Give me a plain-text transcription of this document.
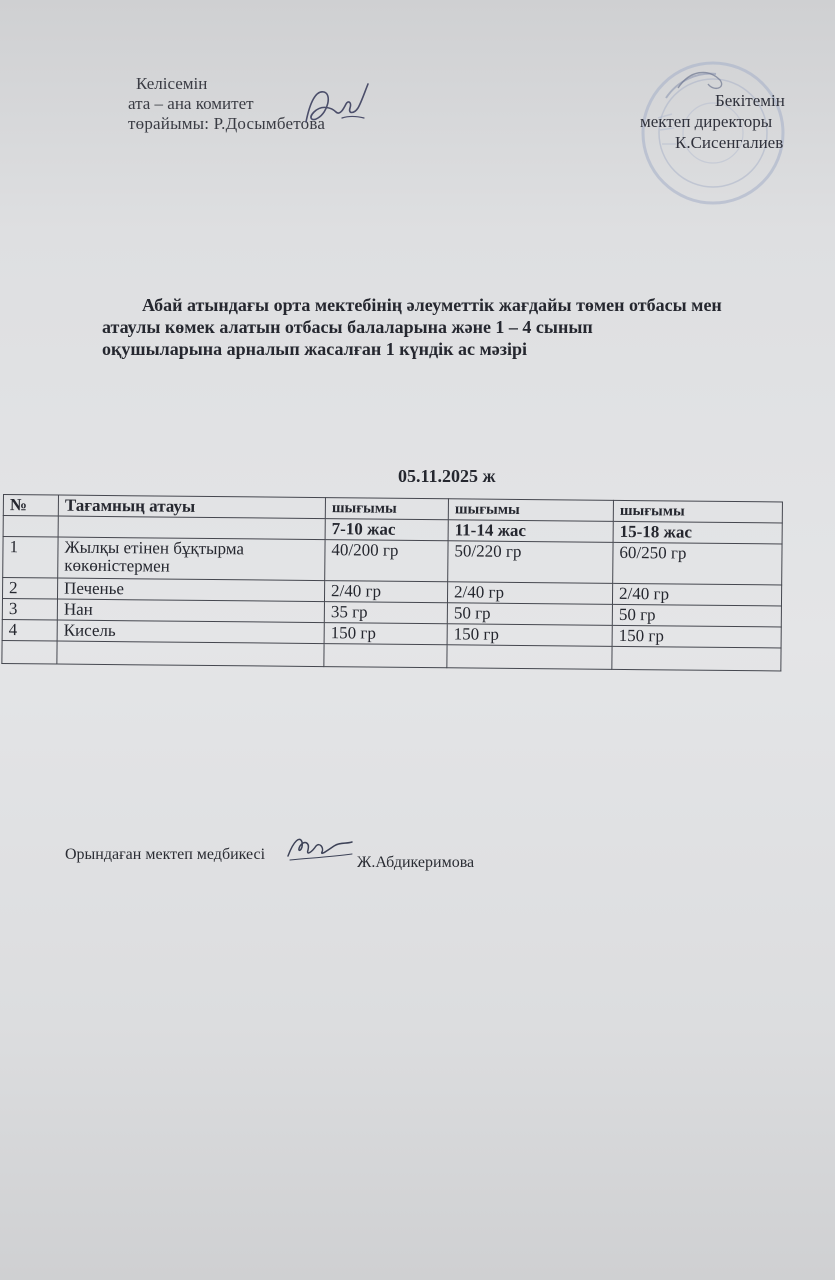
Келісемін
ата – ана комитет
төрайымы: Р.Досымбетова
Бекітемін
мектеп директоры
К.Сисенгалиев
Абай атындағы орта мектебінің әлеуметтік жағдайы төмен отбасы мен
атаулы көмек алатын отбасы балаларына және 1 – 4 сынып
оқушыларына арналып жасалған 1 күндік ас мәзірі
05.11.2025 ж
№	Тағамның атауы	шығымы	шығымы	шығымы
		7-10 жас	11-14 жас	15-18 жас
1	Жылқы етінен бұқтырма көкөністермен	40/200 гр	50/220 гр	60/250 гр
2	Печенье	2/40 гр	2/40 гр	2/40 гр
3	Нан	35 гр	50 гр	50 гр
4	Кисель	150 гр	150 гр	150 гр

Орындаған мектеп медбикесі	Ж.Абдикеримова
